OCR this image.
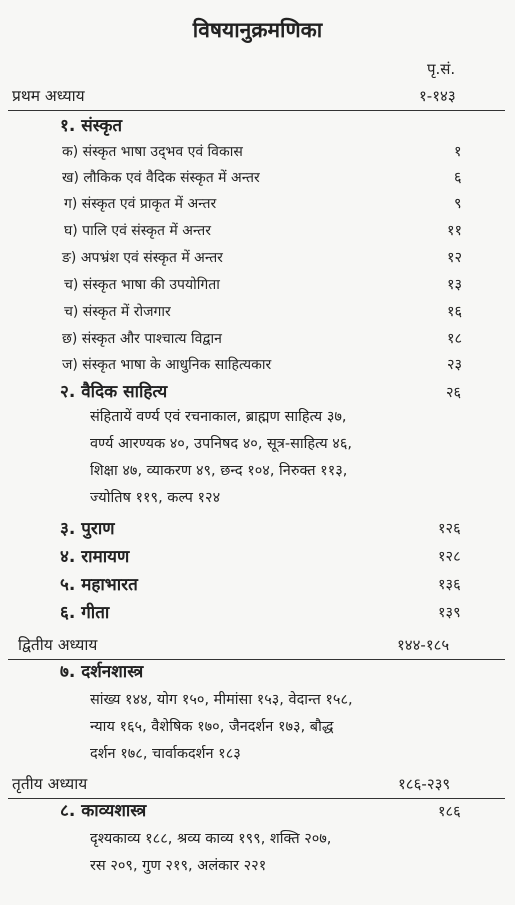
विषयानुक्रमणिका
पृ.सं.
प्रथम अध्याय	१-१४३
१. संस्कृत
क) संस्कृत भाषा उद्‌भव एवं विकास	१
ख) लौकिक एवं वैदिक संस्कृत में अन्तर	६
ग) संस्कृत एवं प्राकृत में अन्तर	९
घ) पालि एवं संस्कृत में अन्तर	११
ङ) अपभ्रंश एवं संस्कृत में अन्तर	१२
च) संस्कृत भाषा की उपयोगिता	१३
च) संस्कृत में रोजगार	१६
छ) संस्कृत और पाश्चात्य विद्वान	१८
ज) संस्कृत भाषा के आधुनिक साहित्यकार	२३
२. वैदिक साहित्य	२६
संहितायें वर्ण्य एवं रचनाकाल, ब्राह्मण साहित्य ३७,
वर्ण्य आरण्यक ४०, उपनिषद ४०, सूत्र-साहित्य ४६,
शिक्षा ४७, व्याकरण ४९, छन्द १०४, निरुक्त ११३,
ज्योतिष ११९, कल्प १२४
३. पुराण	१२६
४. रामायण	१२८
५. महाभारत	१३६
६. गीता	१३९
द्वितीय अध्याय	१४४-१८५
७. दर्शनशास्त्र
सांख्य १४४, योग १५०, मीमांसा १५३, वेदान्त १५८,
न्याय १६५, वैशेषिक १७०, जैनदर्शन १७३, बौद्ध
दर्शन १७८, चार्वाकदर्शन १८३
तृतीय अध्याय	१८६-२३९
८. काव्यशास्त्र	१८६
दृश्यकाव्य १८८, श्रव्य काव्य १९९, शक्ति २०७,
रस २०९, गुण २१९, अलंकार २२१
